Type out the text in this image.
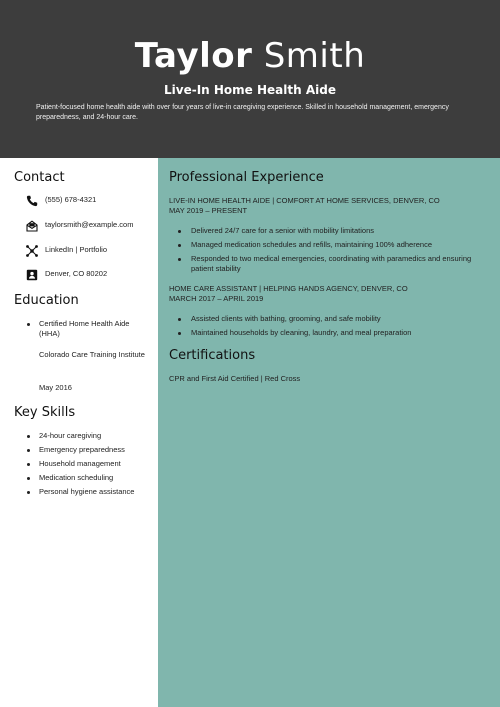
Taylor Smith
Live-In Home Health Aide
Patient-focused home health aide with over four years of live-in caregiving experience. Skilled in household management, emergency preparedness, and 24-hour care.
Contact
(555) 678-4321
taylorsmith@example.com
LinkedIn | Portfolio
Denver, CO 80202
Education
Certified Home Health Aide (HHA)
Colorado Care Training Institute
May 2016
Key Skills
24-hour caregiving
Emergency preparedness
Household management
Medication scheduling
Personal hygiene assistance
Professional Experience
LIVE-IN HOME HEALTH AIDE | COMFORT AT HOME SERVICES, DENVER, CO
MAY 2019 – PRESENT
Delivered 24/7 care for a senior with mobility limitations
Managed medication schedules and refills, maintaining 100% adherence
Responded to two medical emergencies, coordinating with paramedics and ensuring patient stability
HOME CARE ASSISTANT | HELPING HANDS AGENCY, DENVER, CO
MARCH 2017 – APRIL 2019
Assisted clients with bathing, grooming, and safe mobility
Maintained households by cleaning, laundry, and meal preparation
Certifications
CPR and First Aid Certified | Red Cross
